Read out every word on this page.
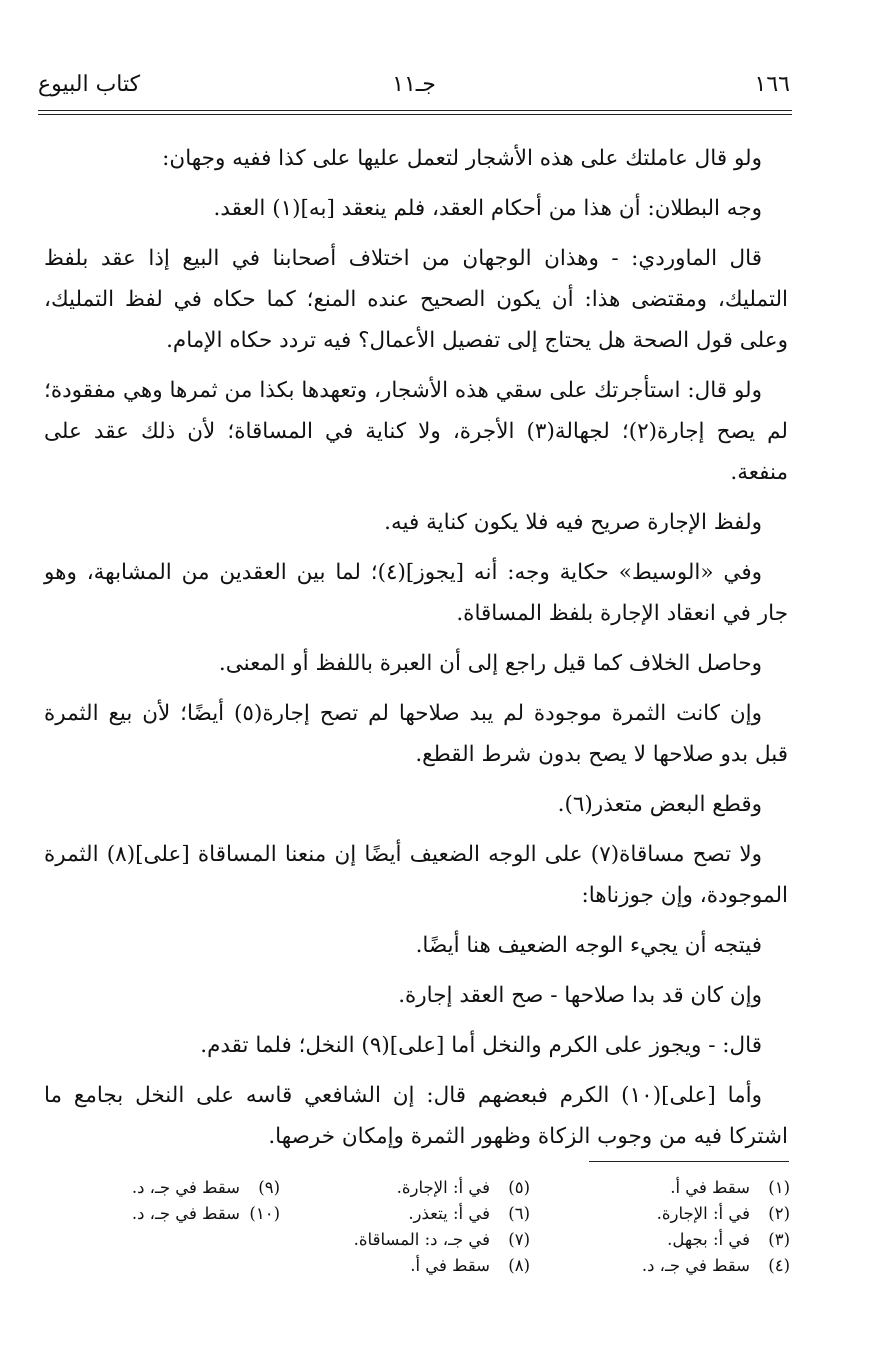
١٦٦
جـ١١
كتاب البيوع

ولو قال عاملتك على هذه الأشجار لتعمل عليها على كذا ففيه وجهان:

وجه البطلان: أن هذا من أحكام العقد، فلم ينعقد [به](١) العقد.

قال الماوردي: - وهذان الوجهان من اختلاف أصحابنا في البيع إذا عقد بلفظ التمليك، ومقتضى هذا: أن يكون الصحيح عنده المنع؛ كما حكاه في لفظ التمليك، وعلى قول الصحة هل يحتاج إلى تفصيل الأعمال؟ فيه تردد حكاه الإمام.

ولو قال: استأجرتك على سقي هذه الأشجار، وتعهدها بكذا من ثمرها وهي مفقودة؛ لم يصح إجارة(٢)؛ لجهالة(٣) الأجرة، ولا كناية في المساقاة؛ لأن ذلك عقد على منفعة.

ولفظ الإجارة صريح فيه فلا يكون كناية فيه.

وفي «الوسيط» حكاية وجه: أنه [يجوز](٤)؛ لما بين العقدين من المشابهة، وهو جار في انعقاد الإجارة بلفظ المساقاة.

وحاصل الخلاف كما قيل راجع إلى أن العبرة باللفظ أو المعنى.

وإن كانت الثمرة موجودة لم يبد صلاحها لم تصح إجارة(٥) أيضًا؛ لأن بيع الثمرة قبل بدو صلاحها لا يصح بدون شرط القطع.

وقطع البعض متعذر(٦).

ولا تصح مساقاة(٧) على الوجه الضعيف أيضًا إن منعنا المساقاة [على](٨) الثمرة الموجودة، وإن جوزناها:

فيتجه أن يجيء الوجه الضعيف هنا أيضًا.

وإن كان قد بدا صلاحها - صح العقد إجارة.

قال: - ويجوز على الكرم والنخل أما [على](٩) النخل؛ فلما تقدم.

وأما [على](١٠) الكرم فبعضهم قال: إن الشافعي قاسه على النخل بجامع ما اشتركا فيه من وجوب الزكاة وظهور الثمرة وإمكان خرصها.

(١)سقط في أ.
(٢)في أ: الإجارة.
(٣)في أ: بجهل.
(٤)سقط في جـ، د.
(٥)في أ: الإجارة.
(٦)في أ: يتعذر.
(٧)في جـ، د: المساقاة.
(٨)سقط في أ.
(٩)سقط في جـ، د.
(١٠)سقط في جـ، د.
